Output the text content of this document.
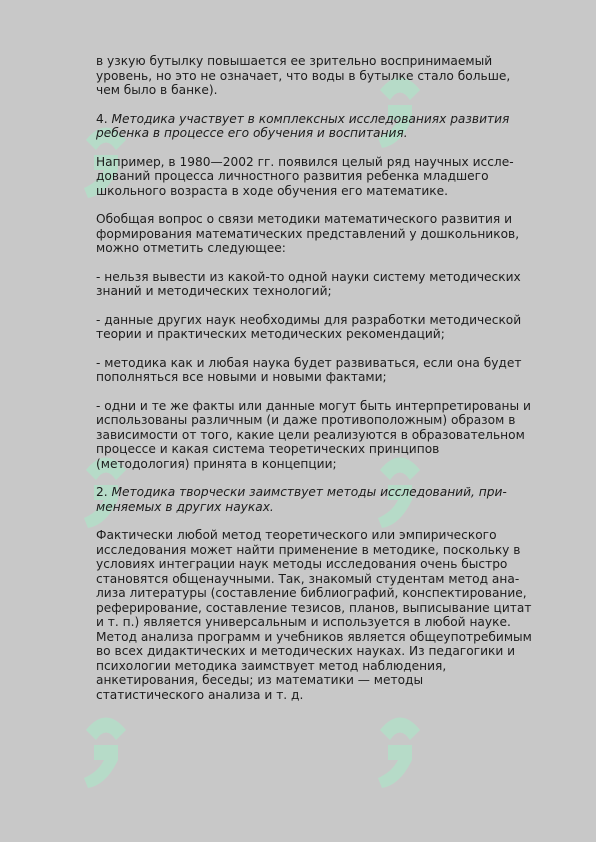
в узкую бутылку повышается ее зрительно воспринимаемый уровень, но это не означает, что воды в бутылке стало больше, чем было в банке).

4. Методика участвует в комплексных исследованиях развития ребенка в процессе его обучения и воспитания.

Например, в 1980—2002 гг. появился целый ряд научных иссле-дований процесса личностного развития ребенка младшего школьного возраста в ходе обучения его математике.

Обобщая вопрос о связи методики математического развития и формирования математических представлений у дошкольников, можно отметить следующее:

- нельзя вывести из какой-то одной науки систему методических знаний и методических технологий;

- данные других наук необходимы для разработки методической теории и практических методических рекомендаций;

- методика как и любая наука будет развиваться, если она будет пополняться все новыми и новыми фактами;

- одни и те же факты или данные могут быть интерпретированы и использованы различным (и даже противоположным) образом в зависимости от того, какие цели реализуются в образовательном процессе и какая система теоретических принципов (методология) принята в концепции;

2. Методика творчески заимствует методы исследований, при-меняемых в других науках.

Фактически любой метод теоретического или эмпирического исследования может найти применение в методике, поскольку в условиях интеграции наук методы исследования очень быстро становятся общенаучными. Так, знакомый студентам метод ана-лиза литературы (составление библиографий, конспектирование, реферирование, составление тезисов, планов, выписывание цитат и т. п.) является универсальным и используется в любой науке. Метод анализа программ и учебников является общеупотребимым во всех дидактических и методических науках. Из педагогики и психологии методика заимствует метод наблюдения, анкетирования, беседы; из математики — методы статистического анализа и т. д.
